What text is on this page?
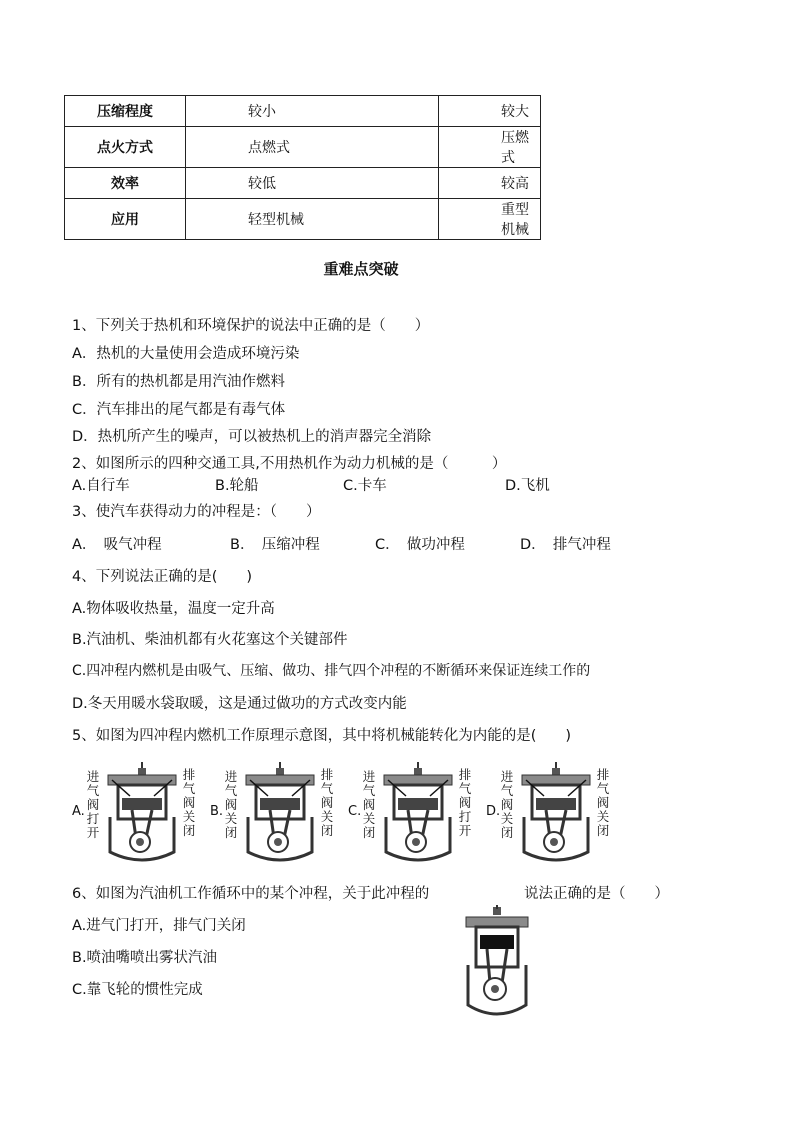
压缩程度	较小	较大
点火方式	点燃式	压燃式
效率	较低	较高
应用	轻型机械	重型机械
重难点突破
1、下列关于热机和环境保护的说法中正确的是（　　）
A．热机的大量使用会造成环境污染
B．所有的热机都是用汽油作燃料
C．汽车排出的尾气都是有毒气体
D．热机所产生的噪声，可以被热机上的消声器完全消除
2、如图所示的四种交通工具,不用热机作为动力机械的是（　　　）
A.自行车	B.轮船	C.卡车	D.飞机
3、使汽车获得动力的冲程是：（　　）
A．　吸气冲程	B．　压缩冲程	C．　做功冲程	D．　排气冲程
4、下列说法正确的是(　　)
A.物体吸收热量，温度一定升高
B.汽油机、柴油机都有火花塞这个关键部件
C.四冲程内燃机是由吸气、压缩、做功、排气四个冲程的不断循环来保证连续工作的
D.冬天用暖水袋取暖，这是通过做功的方式改变内能
5、如图为四冲程内燃机工作原理示意图，其中将机械能转化为内能的是(　　)
A.
进气阀打开
排气阀关闭
B.
进气阀关闭
排气阀关闭
C.
进气阀关闭
排气阀打开
D.
进气阀关闭
排气阀关闭
6、如图为汽油机工作循环中的某个冲程，关于此冲程的	说法正确的是（　　）
A.进气门打开，排气门关闭
B.喷油嘴喷出雾状汽油
C.靠飞轮的惯性完成
